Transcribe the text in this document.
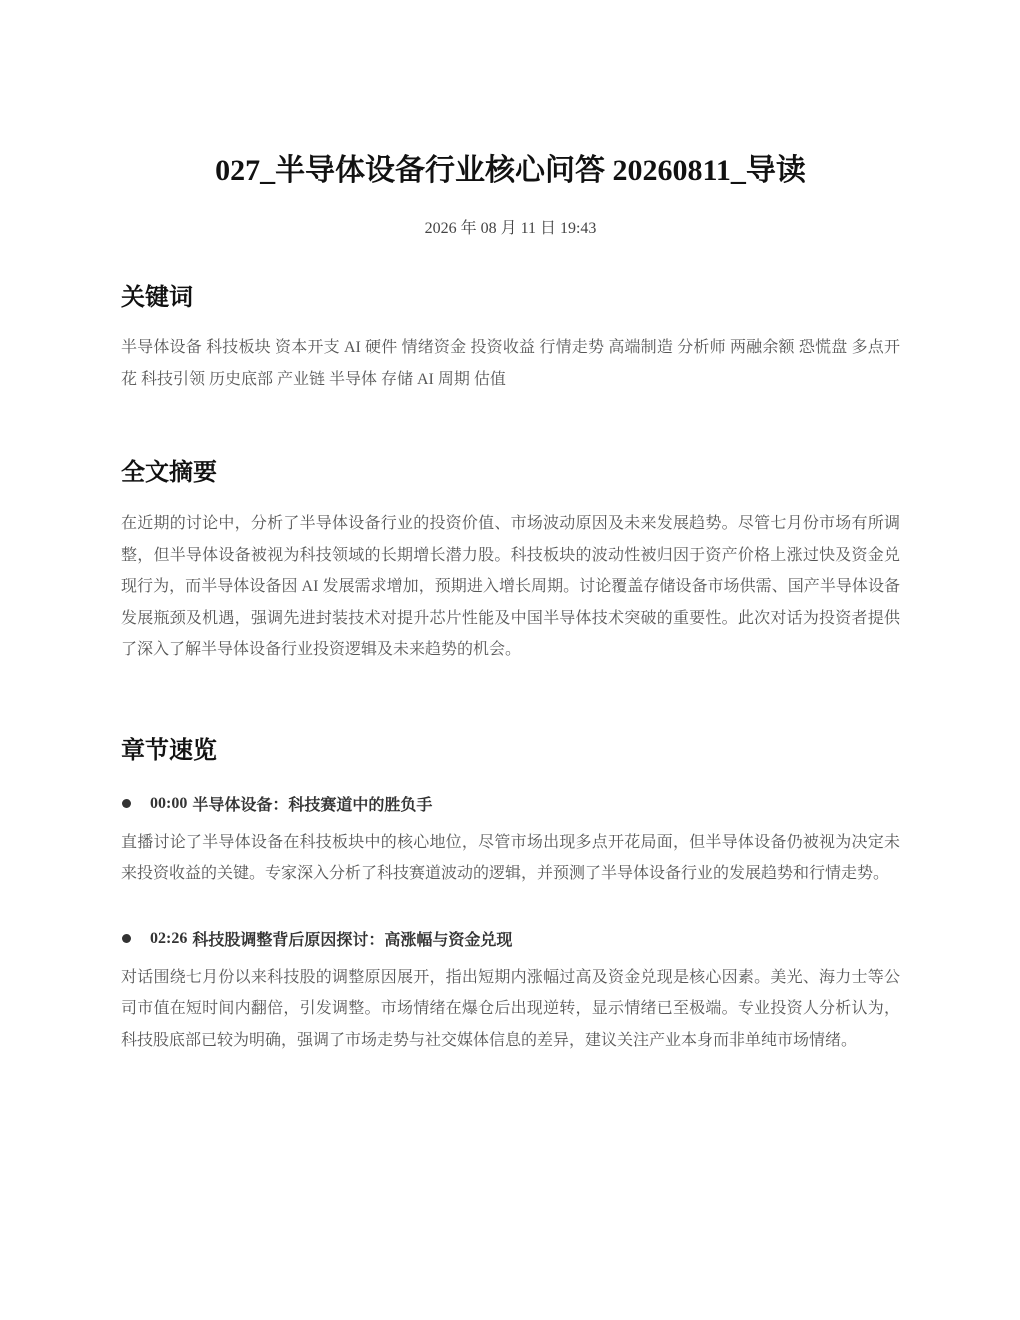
027_半导体设备行业核心问答 20260811_导读

2026 年 08 月 11 日 19:43

关键词

半导体设备 科技板块 资本开支 AI 硬件 情绪资金 投资收益 行情走势 高端制造 分析师 两融余额 恐慌盘 多点开花 科技引领 历史底部 产业链 半导体 存储 AI 周期 估值

全文摘要

在近期的讨论中，分析了半导体设备行业的投资价值、市场波动原因及未来发展趋势。尽管七月份市场有所调整，但半导体设备被视为科技领域的长期增长潜力股。科技板块的波动性被归因于资产价格上涨过快及资金兑现行为，而半导体设备因 AI 发展需求增加，预期进入增长周期。讨论覆盖存储设备市场供需、国产半导体设备发展瓶颈及机遇，强调先进封装技术对提升芯片性能及中国半导体技术突破的重要性。此次对话为投资者提供了深入了解半导体设备行业投资逻辑及未来趋势的机会。

章节速览
00:00 半导体设备：科技赛道中的胜负手

直播讨论了半导体设备在科技板块中的核心地位，尽管市场出现多点开花局面，但半导体设备仍被视为决定未来投资收益的关键。专家深入分析了科技赛道波动的逻辑，并预测了半导体设备行业的发展趋势和行情走势。

02:26 科技股调整背后原因探讨：高涨幅与资金兑现

对话围绕七月份以来科技股的调整原因展开，指出短期内涨幅过高及资金兑现是核心因素。美光、海力士等公司市值在短时间内翻倍，引发调整。市场情绪在爆仓后出现逆转，显示情绪已至极端。专业投资人分析认为，科技股底部已较为明确，强调了市场走势与社交媒体信息的差异，建议关注产业本身而非单纯市场情绪。
